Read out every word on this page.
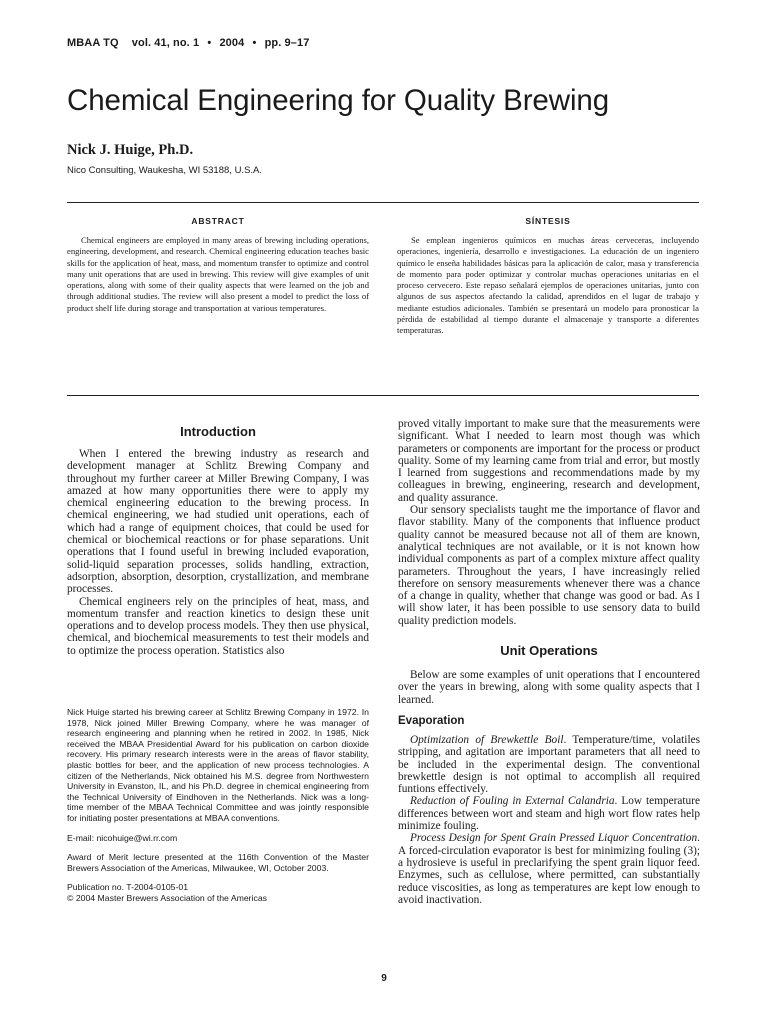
MBAA TQ vol. 41, no. 1 • 2004 • pp. 9–17
Chemical Engineering for Quality Brewing
Nick J. Huige, Ph.D.
Nico Consulting, Waukesha, WI 53188, U.S.A.
ABSTRACT

Chemical engineers are employed in many areas of brewing including operations, engineering, development, and research. Chemical engineering education teaches basic skills for the application of heat, mass, and momentum transfer to optimize and control many unit operations that are used in brewing. This review will give examples of unit operations, along with some of their quality aspects that were learned on the job and through additional studies. The review will also present a model to predict the loss of product shelf life during storage and transportation at various temperatures.

SÍNTESIS

Se emplean ingenieros químicos en muchas áreas cerveceras, incluyendo operaciones, ingeniería, desarrollo e investigaciones. La educación de un ingeniero químico le enseña habilidades básicas para la aplicación de calor, masa y transferencia de momento para poder optimizar y controlar muchas operaciones unitarias en el proceso cervecero. Este repaso señalará ejemplos de operaciones unitarias, junto con algunos de sus aspectos afectando la calidad, aprendidos en el lugar de trabajo y mediante estudios adicionales. También se presentará un modelo para pronosticar la pérdida de estabilidad al tiempo durante el almacenaje y transporte a diferentes temperaturas.

Introduction

When I entered the brewing industry as research and development manager at Schlitz Brewing Company and throughout my further career at Miller Brewing Company, I was amazed at how many opportunities there were to apply my chemical engineering education to the brewing process. In chemical engineering, we had studied unit operations, each of which had a range of equipment choices, that could be used for chemical or biochemical reactions or for phase separations. Unit operations that I found useful in brewing included evaporation, solid-liquid separation processes, solids handling, extraction, adsorption, absorption, desorption, crystallization, and membrane processes.

Chemical engineers rely on the principles of heat, mass, and momentum transfer and reaction kinetics to design these unit operations and to develop process models. They then use physical, chemical, and biochemical measurements to test their models and to optimize the process operation. Statistics also

Nick Huige started his brewing career at Schlitz Brewing Company in 1972. In 1978, Nick joined Miller Brewing Company, where he was manager of research engineering and planning when he retired in 2002. In 1985, Nick received the MBAA Presidential Award for his publication on carbon dioxide recovery. His primary research interests were in the areas of flavor stability, plastic bottles for beer, and the application of new process technologies. A citizen of the Netherlands, Nick obtained his M.S. degree from Northwestern University in Evanston, IL, and his Ph.D. degree in chemical engineering from the Technical University of Eindhoven in the Netherlands. Nick was a long-time member of the MBAA Technical Committee and was jointly responsible for initiating poster presentations at MBAA conventions.

E-mail: nicohuige@wi.rr.com

Award of Merit lecture presented at the 116th Convention of the Master Brewers Association of the Americas, Milwaukee, WI, October 2003.

Publication no. T-2004-0105-01

© 2004 Master Brewers Association of the Americas

proved vitally important to make sure that the measurements were significant. What I needed to learn most though was which parameters or components are important for the process or product quality. Some of my learning came from trial and error, but mostly I learned from suggestions and recommendations made by my colleagues in brewing, engineering, research and development, and quality assurance.

Our sensory specialists taught me the importance of flavor and flavor stability. Many of the components that influence product quality cannot be measured because not all of them are known, analytical techniques are not available, or it is not known how individual components as part of a complex mixture affect quality parameters. Throughout the years, I have increasingly relied therefore on sensory measurements whenever there was a chance of a change in quality, whether that change was good or bad. As I will show later, it has been possible to use sensory data to build quality prediction models.

Unit Operations

Below are some examples of unit operations that I encountered over the years in brewing, along with some quality aspects that I learned.

Evaporation

Optimization of Brewkettle Boil. Temperature/time, volatiles stripping, and agitation are important parameters that all need to be included in the experimental design. The conventional brewkettle design is not optimal to accomplish all required funtions effectively.

Reduction of Fouling in External Calandria. Low temperature differences between wort and steam and high wort flow rates help minimize fouling.

Process Design for Spent Grain Pressed Liquor Concentration. A forced-circulation evaporator is best for minimizing fouling (3); a hydrosieve is useful in preclarifying the spent grain liquor feed. Enzymes, such as cellulose, where permitted, can substantially reduce viscosities, as long as temperatures are kept low enough to avoid inactivation.

9
